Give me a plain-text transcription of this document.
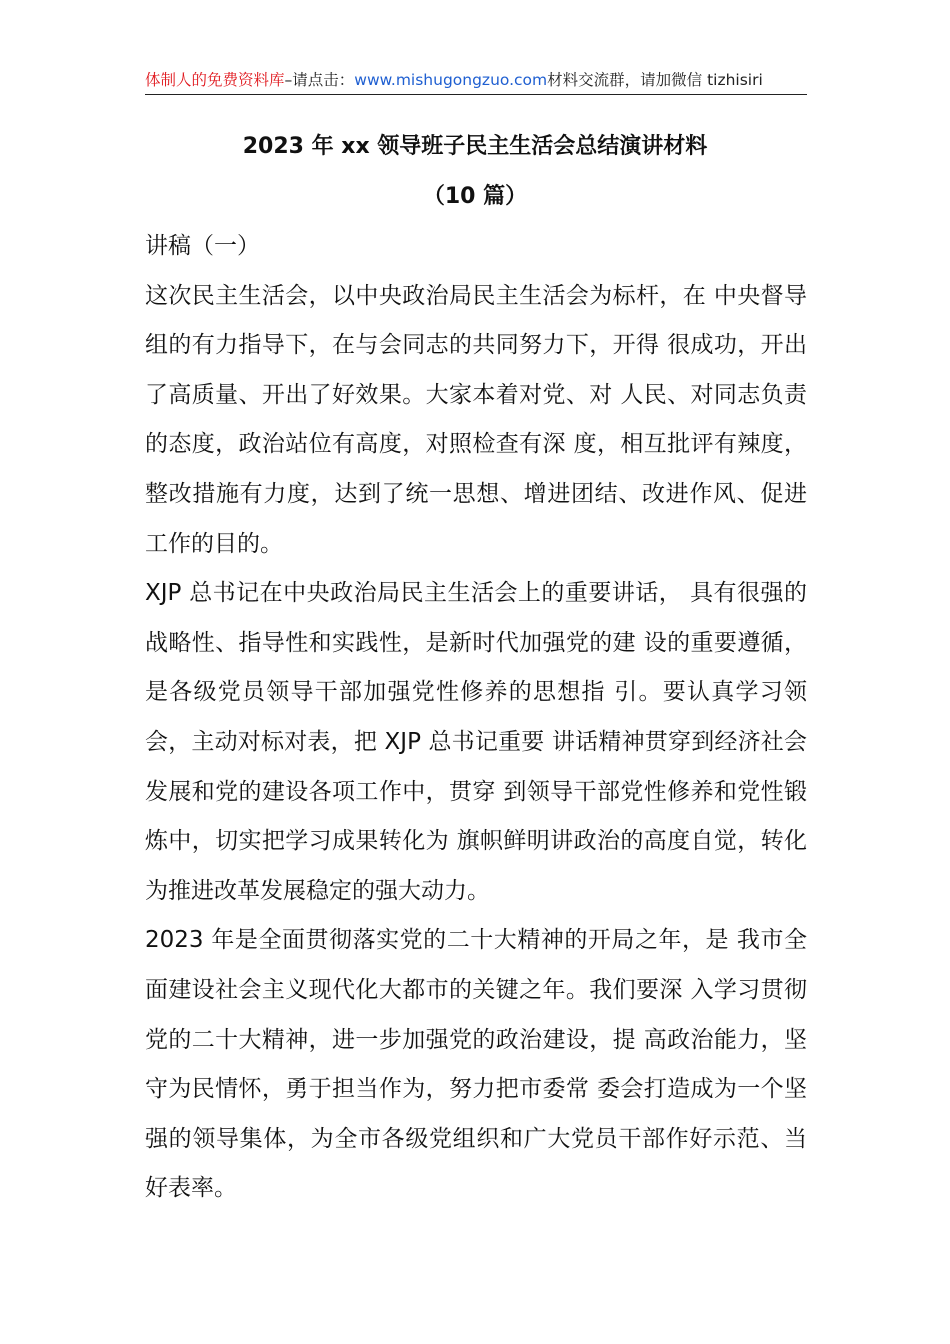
体制人的免费资料库–请点击：www.mishugongzuo.com材料交流群，请加微信 tizhisiri
2023 年 xx 领导班子民主生活会总结演讲材料
（10 篇）

讲稿（一）

这次民主生活会，以中央政治局民主生活会为标杆，在 中央督导组的有力指导下，在与会同志的共同努力下，开得 很成功，开出了高质量、开出了好效果。大家本着对党、对 人民、对同志负责的态度，政治站位有高度，对照检查有深 度，相互批评有辣度，整改措施有力度，达到了统一思想、增进团结、改进作风、促进工作的目的。

XJP 总书记在中央政治局民主生活会上的重要讲话， 具有很强的战略性、指导性和实践性，是新时代加强党的建 设的重要遵循，是各级党员领导干部加强党性修养的思想指 引。要认真学习领会，主动对标对表，把 XJP 总书记重要 讲话精神贯穿到经济社会发展和党的建设各项工作中，贯穿 到领导干部党性修养和党性锻炼中，切实把学习成果转化为 旗帜鲜明讲政治的高度自觉，转化为推进改革发展稳定的强大动力。

2023 年是全面贯彻落实党的二十大精神的开局之年，是 我市全面建设社会主义现代化大都市的关键之年。我们要深 入学习贯彻党的二十大精神，进一步加强党的政治建设，提 高政治能力，坚守为民情怀，勇于担当作为，努力把市委常 委会打造成为一个坚强的领导集体，为全市各级党组织和广大党员干部作好示范、当好表率。
